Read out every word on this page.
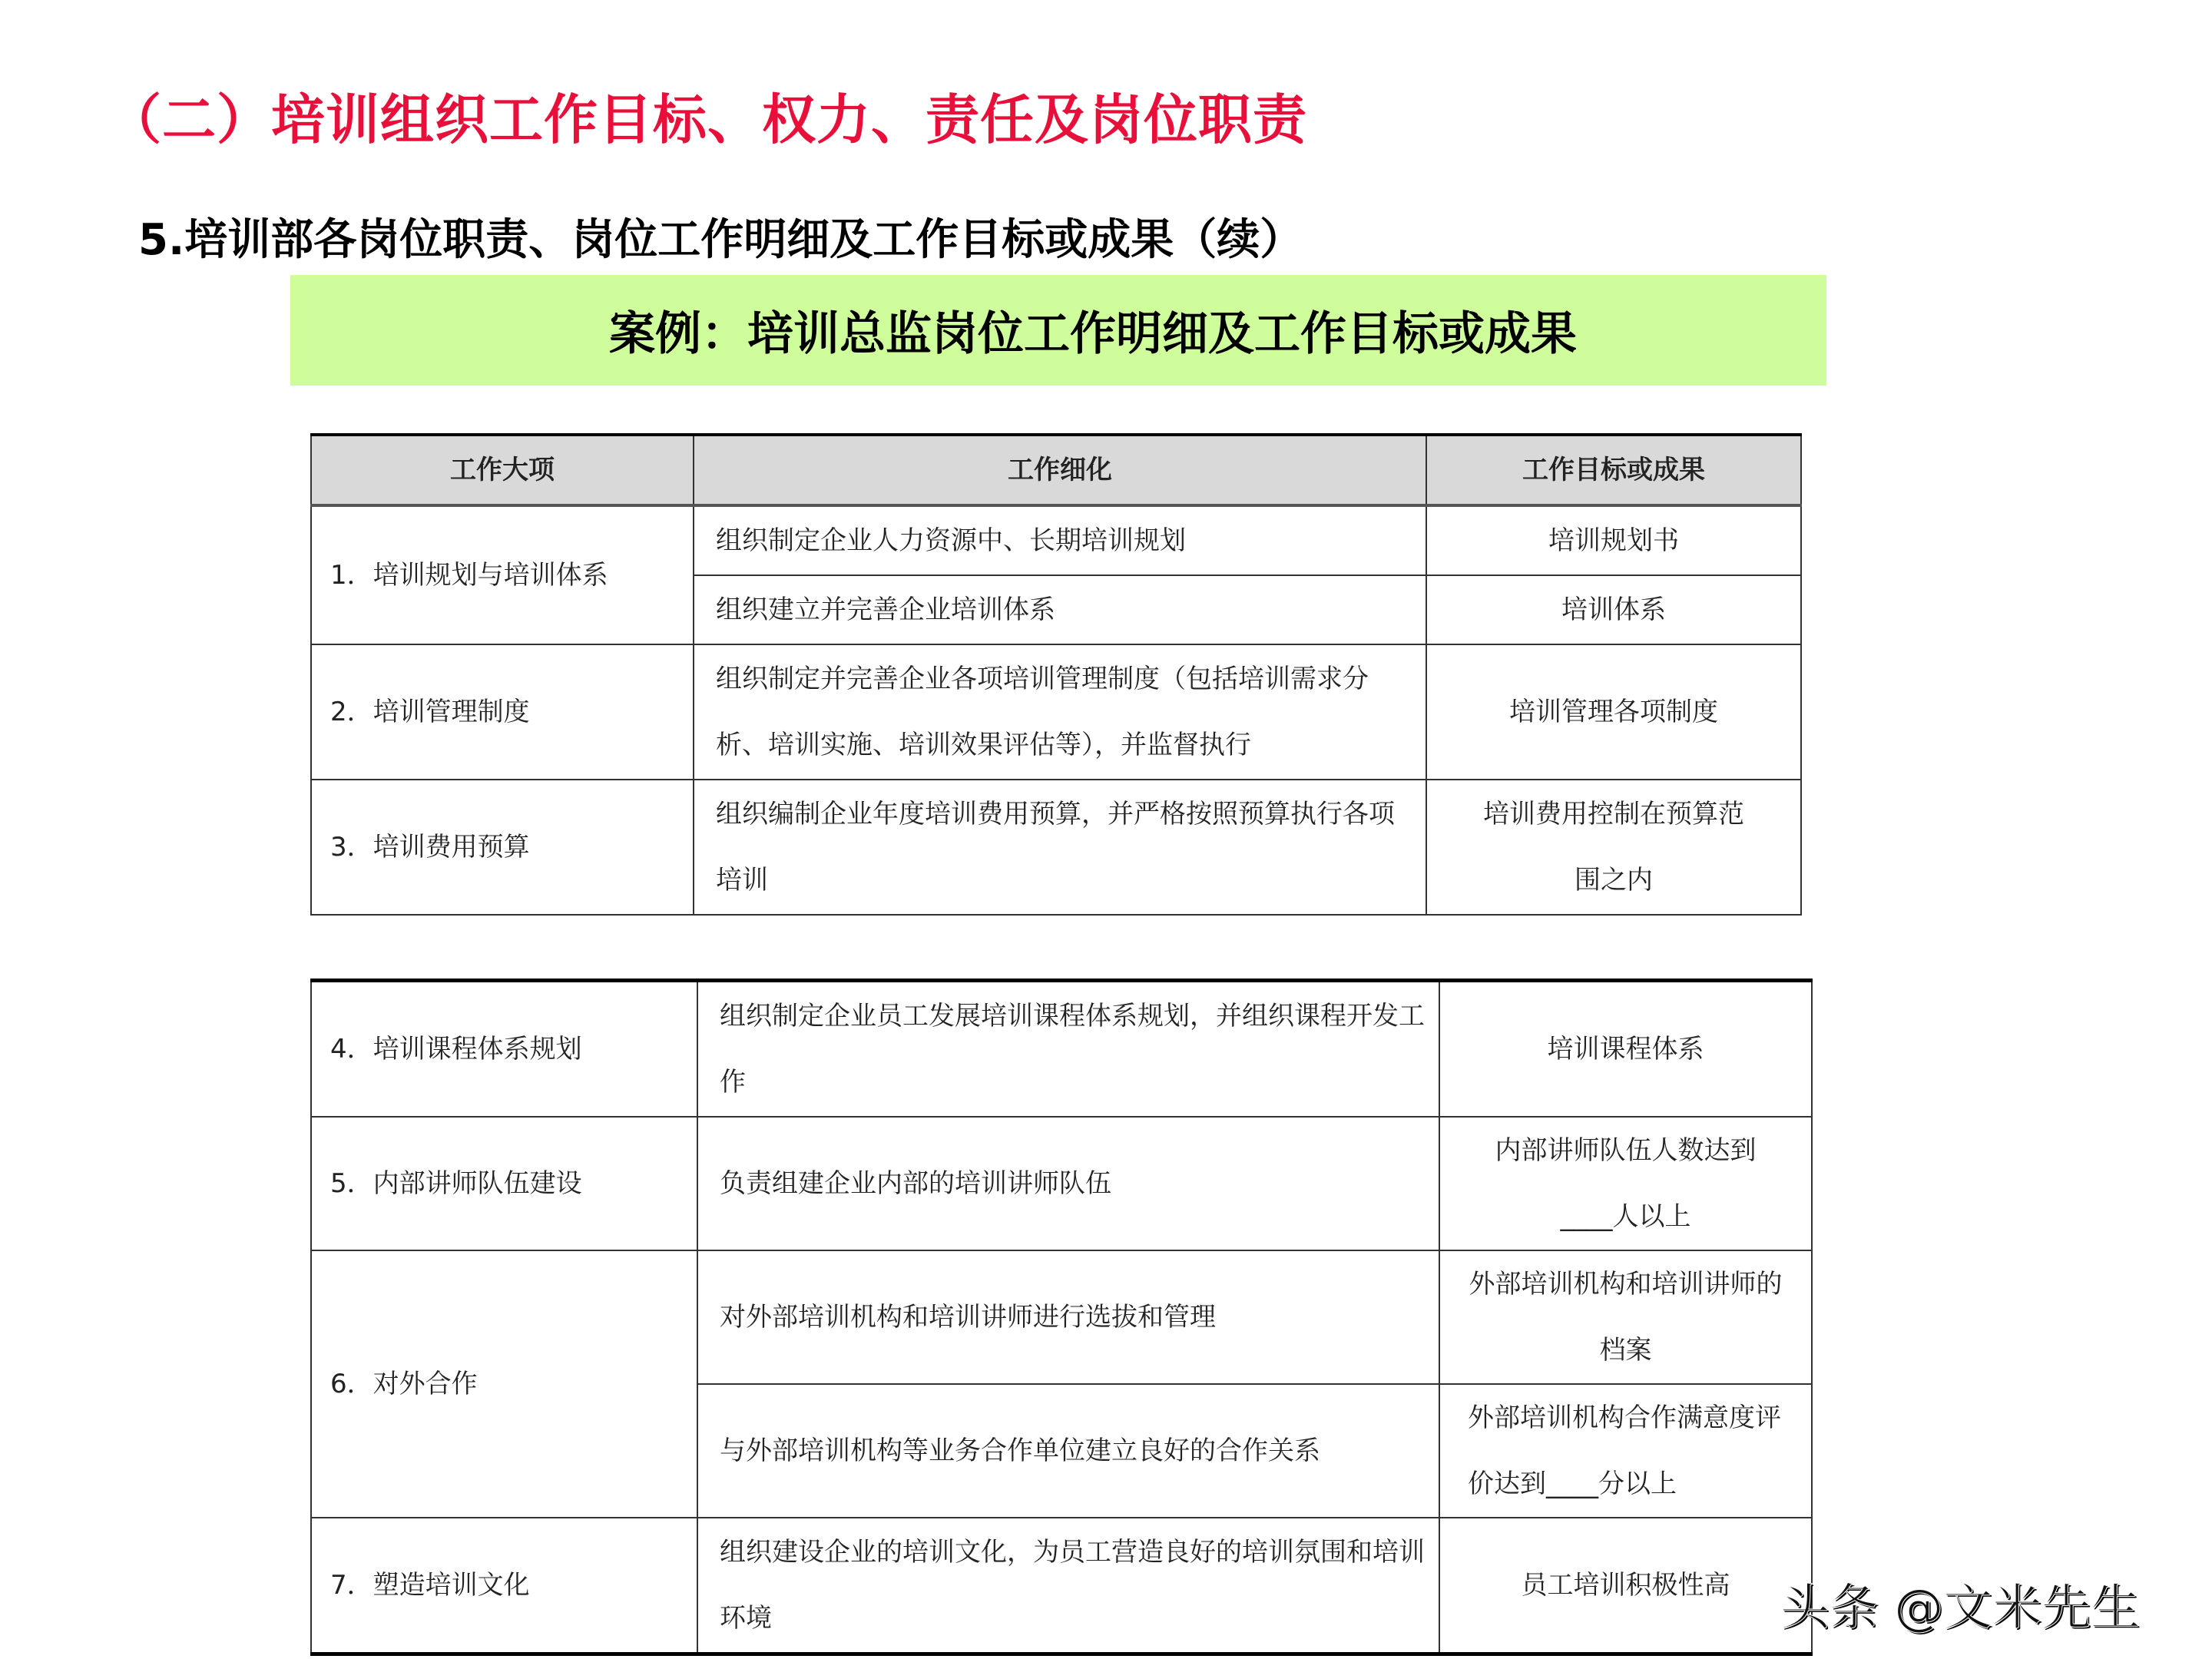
（二）培训组织工作目标、权力、责任及岗位职责
5.培训部各岗位职责、岗位工作明细及工作目标或成果（续）
案例：培训总监岗位工作明细及工作目标或成果
工作大项	工作细化	工作目标或成果
1．培训规划与培训体系	组织制定企业人力资源中、长期培训规划	培训规划书
	组织建立并完善企业培训体系	培训体系
2．培训管理制度	组织制定并完善企业各项培训管理制度（包括培训需求分析、培训实施、培训效果评估等），并监督执行	培训管理各项制度
3．培训费用预算	组织编制企业年度培训费用预算，并严格按照预算执行各项培训	培训费用控制在预算范围之内
4．培训课程体系规划	组织制定企业员工发展培训课程体系规划，并组织课程开发工作	培训课程体系
5．内部讲师队伍建设	负责组建企业内部的培训讲师队伍	内部讲师队伍人数达到____人以上
6．对外合作	对外部培训机构和培训讲师进行选拔和管理	外部培训机构和培训讲师的档案
	与外部培训机构等业务合作单位建立良好的合作关系	外部培训机构合作满意度评价达到____分以上
7．塑造培训文化	组织建设企业的培训文化，为员工营造良好的培训氛围和培训环境	员工培训积极性高 头条 @文米先生
